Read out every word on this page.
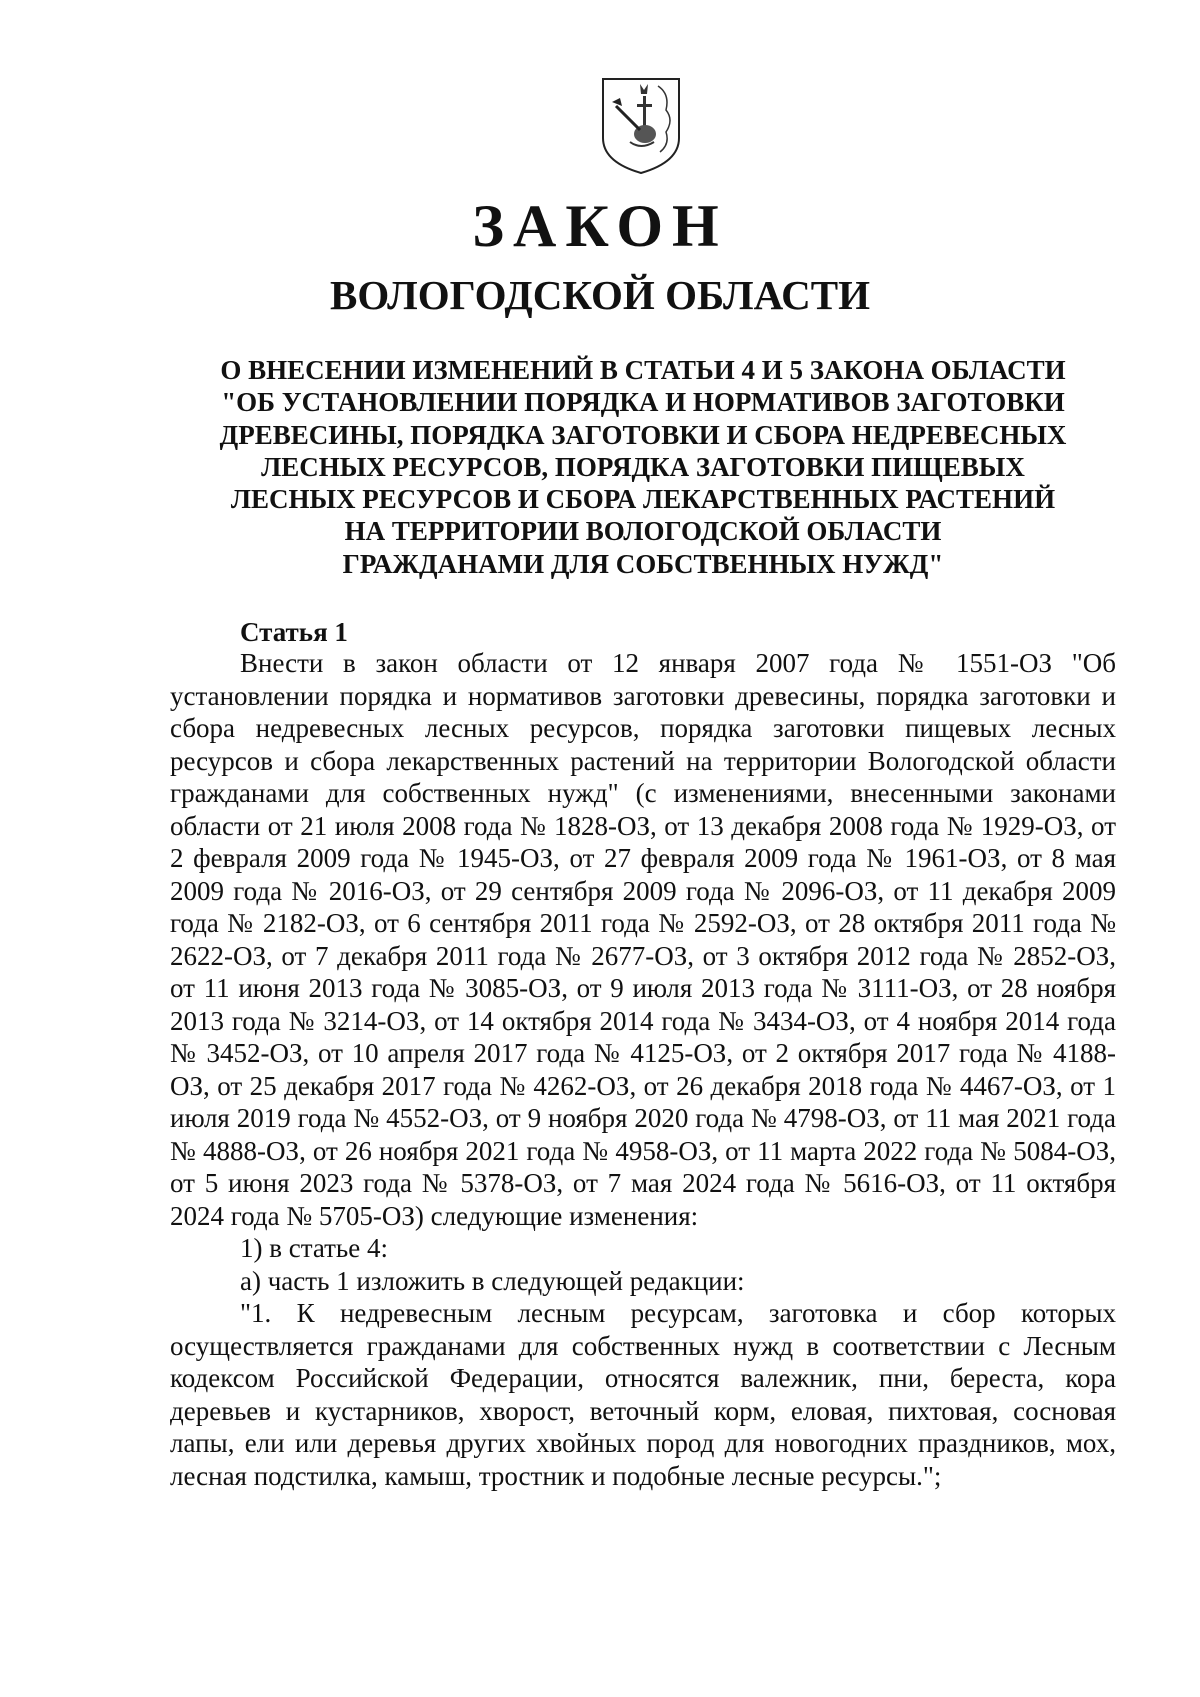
ЗАКОН
ВОЛОГОДСКОЙ ОБЛАСТИ
О ВНЕСЕНИИ ИЗМЕНЕНИЙ В СТАТЬИ 4 И 5 ЗАКОНА ОБЛАСТИ
"ОБ УСТАНОВЛЕНИИ ПОРЯДКА И НОРМАТИВОВ ЗАГОТОВКИ
ДРЕВЕСИНЫ, ПОРЯДКА ЗАГОТОВКИ И СБОРА НЕДРЕВЕСНЫХ
ЛЕСНЫХ РЕСУРСОВ, ПОРЯДКА ЗАГОТОВКИ ПИЩЕВЫХ
ЛЕСНЫХ РЕСУРСОВ И СБОРА ЛЕКАРСТВЕННЫХ РАСТЕНИЙ
НА ТЕРРИТОРИИ ВОЛОГОДСКОЙ ОБЛАСТИ
ГРАЖДАНАМИ ДЛЯ СОБСТВЕННЫХ НУЖД"
Статья 1

Внести в закон области от 12 января 2007 года № 1551-ОЗ "Об установлении порядка и нормативов заготовки древесины, порядка заготовки и сбора недревесных лесных ресурсов, порядка заготовки пищевых лесных ресурсов и сбора лекарственных растений на территории Вологодской области гражданами для собственных нужд" (с изменениями, внесенными законами области от 21 июля 2008 года № 1828-ОЗ, от 13 декабря 2008 года № 1929-ОЗ, от 2 февраля 2009 года № 1945-ОЗ, от 27 февраля 2009 года № 1961-ОЗ, от 8 мая 2009 года № 2016-ОЗ, от 29 сентября 2009 года № 2096-ОЗ, от 11 декабря 2009 года № 2182-ОЗ, от 6 сентября 2011 года № 2592-ОЗ, от 28 октября 2011 года № 2622-ОЗ, от 7 декабря 2011 года № 2677-ОЗ, от 3 октября 2012 года № 2852-ОЗ, от 11 июня 2013 года № 3085-ОЗ, от 9 июля 2013 года № 3111-ОЗ, от 28 ноября 2013 года № 3214-ОЗ, от 14 октября 2014 года № 3434-ОЗ, от 4 ноября 2014 года № 3452-ОЗ, от 10 апреля 2017 года № 4125-ОЗ, от 2 октября 2017 года № 4188-ОЗ, от 25 декабря 2017 года № 4262-ОЗ, от 26 декабря 2018 года № 4467-ОЗ, от 1 июля 2019 года № 4552-ОЗ, от 9 ноября 2020 года № 4798-ОЗ, от 11 мая 2021 года № 4888-ОЗ, от 26 ноября 2021 года № 4958-ОЗ, от 11 марта 2022 года № 5084-ОЗ, от 5 июня 2023 года № 5378-ОЗ, от 7 мая 2024 года № 5616-ОЗ, от 11 октября 2024 года № 5705-ОЗ) следующие изменения:

1) в статье 4:

а) часть 1 изложить в следующей редакции:

"1. К недревесным лесным ресурсам, заготовка и сбор которых осуществляется гражданами для собственных нужд в соответствии с Лесным кодексом Российской Федерации, относятся валежник, пни, береста, кора деревьев и кустарников, хворост, веточный корм, еловая, пихтовая, сосновая лапы, ели или деревья других хвойных пород для новогодних праздников, мох, лесная подстилка, камыш, тростник и подобные лесные ресурсы.";
